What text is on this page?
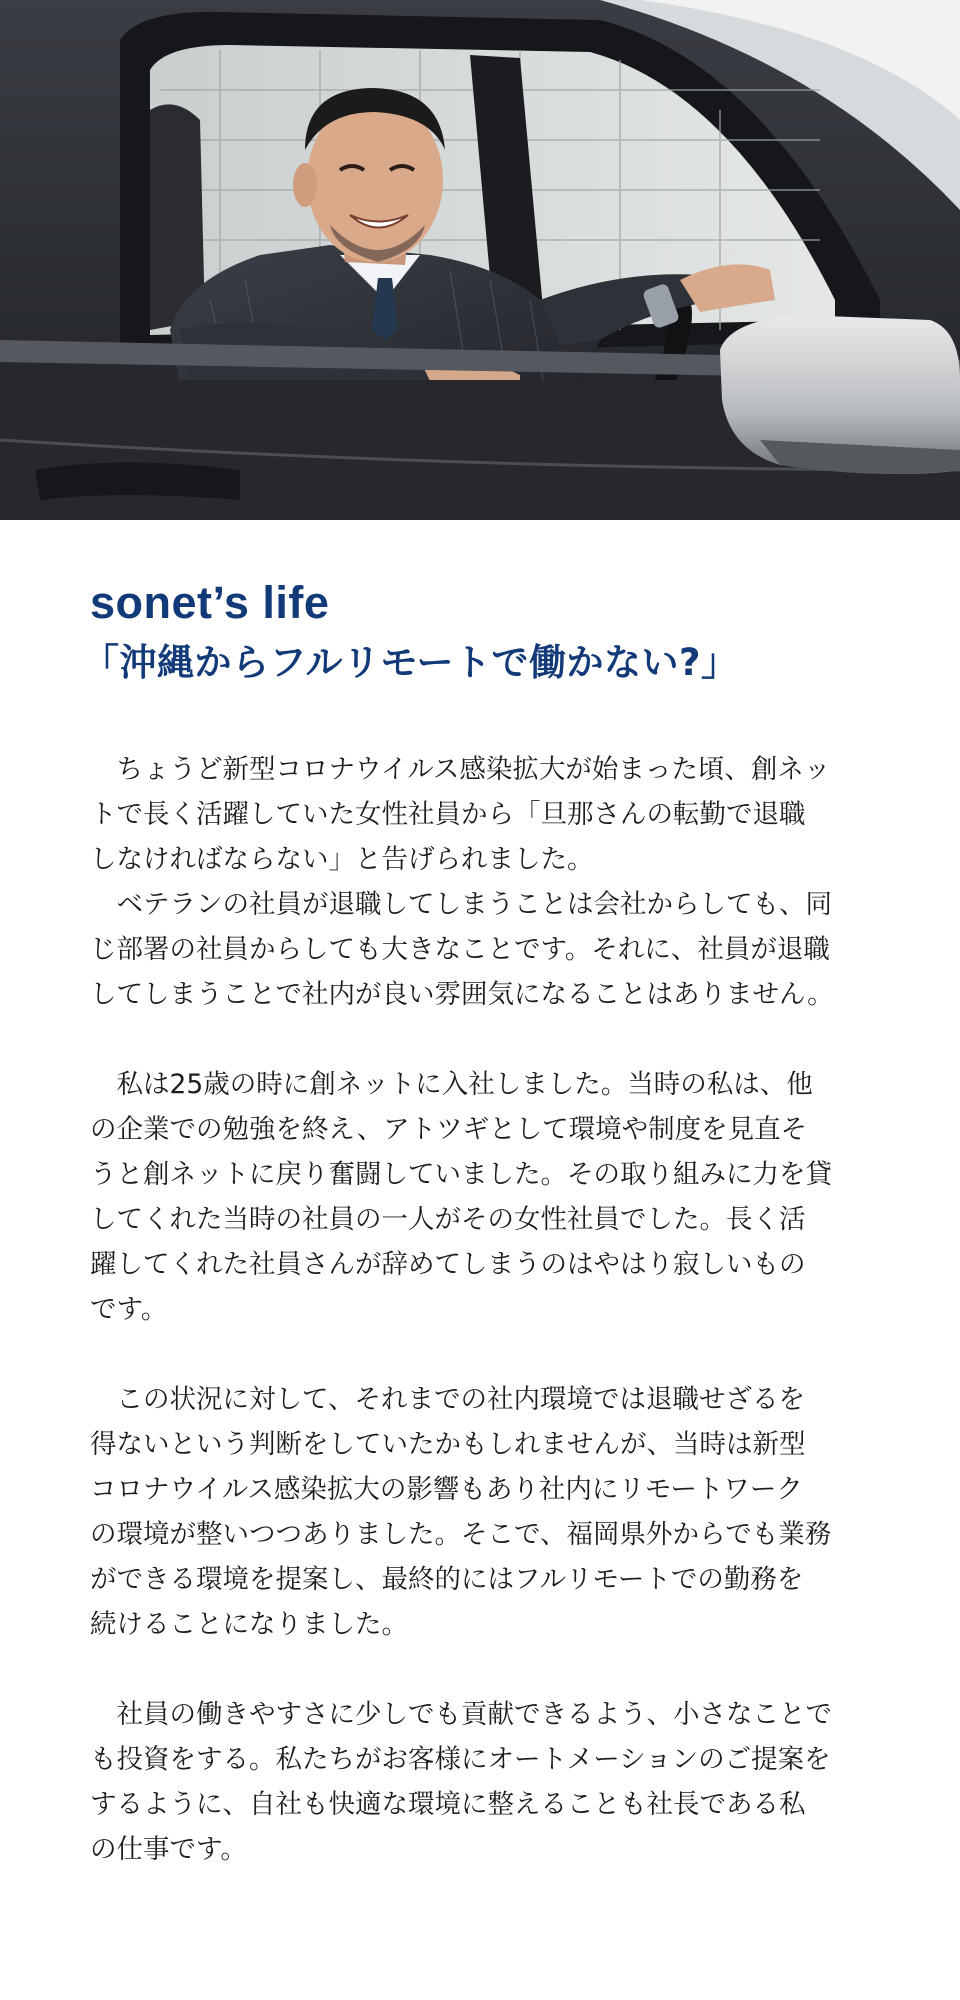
sonet’s life
「沖縄からフルリモートで働かない?」

ちょうど新型コロナウイルス感染拡大が始まった頃、創ネッ
トで長く活躍していた女性社員から「旦那さんの転勤で退職
しなければならない」と告げられました。

ベテランの社員が退職してしまうことは会社からしても、同
じ部署の社員からしても大きなことです。それに、社員が退職
してしまうことで社内が良い雰囲気になることはありません。

私は25歳の時に創ネットに入社しました。当時の私は、他
の企業での勉強を終え、アトツギとして環境や制度を見直そ
うと創ネットに戻り奮闘していました。その取り組みに力を貸
してくれた当時の社員の一人がその女性社員でした。長く活
躍してくれた社員さんが辞めてしまうのはやはり寂しいもの
です。

この状況に対して、それまでの社内環境では退職せざるを
得ないという判断をしていたかもしれませんが、当時は新型
コロナウイルス感染拡大の影響もあり社内にリモートワーク
の環境が整いつつありました。そこで、福岡県外からでも業務
ができる環境を提案し、最終的にはフルリモートでの勤務を
続けることになりました。

社員の働きやすさに少しでも貢献できるよう、小さなことで
も投資をする。私たちがお客様にオートメーションのご提案を
するように、自社も快適な環境に整えることも社長である私
の仕事です。
